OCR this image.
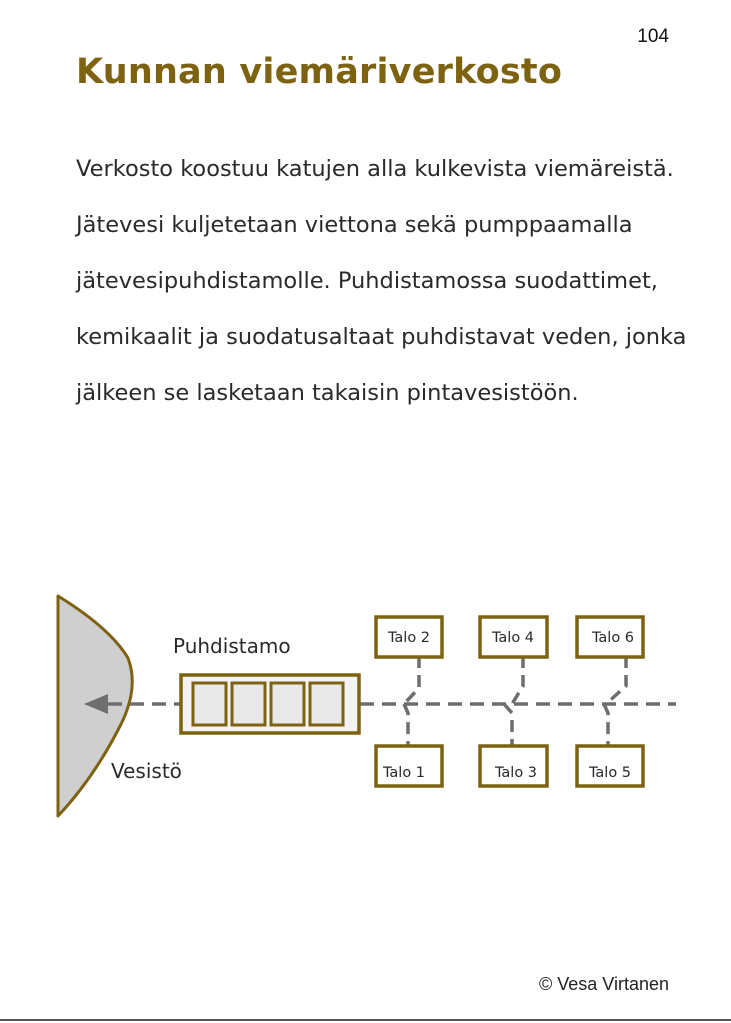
104
Kunnan viemäriverkosto

Verkosto koostuu katujen alla kulkevista viemäreistä. Jätevesi kuljetetaan viettona sekä pumppaamalla jätevesipuhdistamolle. Puhdistamossa suodattimet, kemikaalit ja suodatusaltaat puhdistavat veden, jonka jälkeen se lasketaan takaisin pintavesistöön.

Talo 2	Talo 4	Talo 6
Talo 1	Talo 3	Talo 5
Puhdistamo
Vesistö
© Vesa Virtanen
